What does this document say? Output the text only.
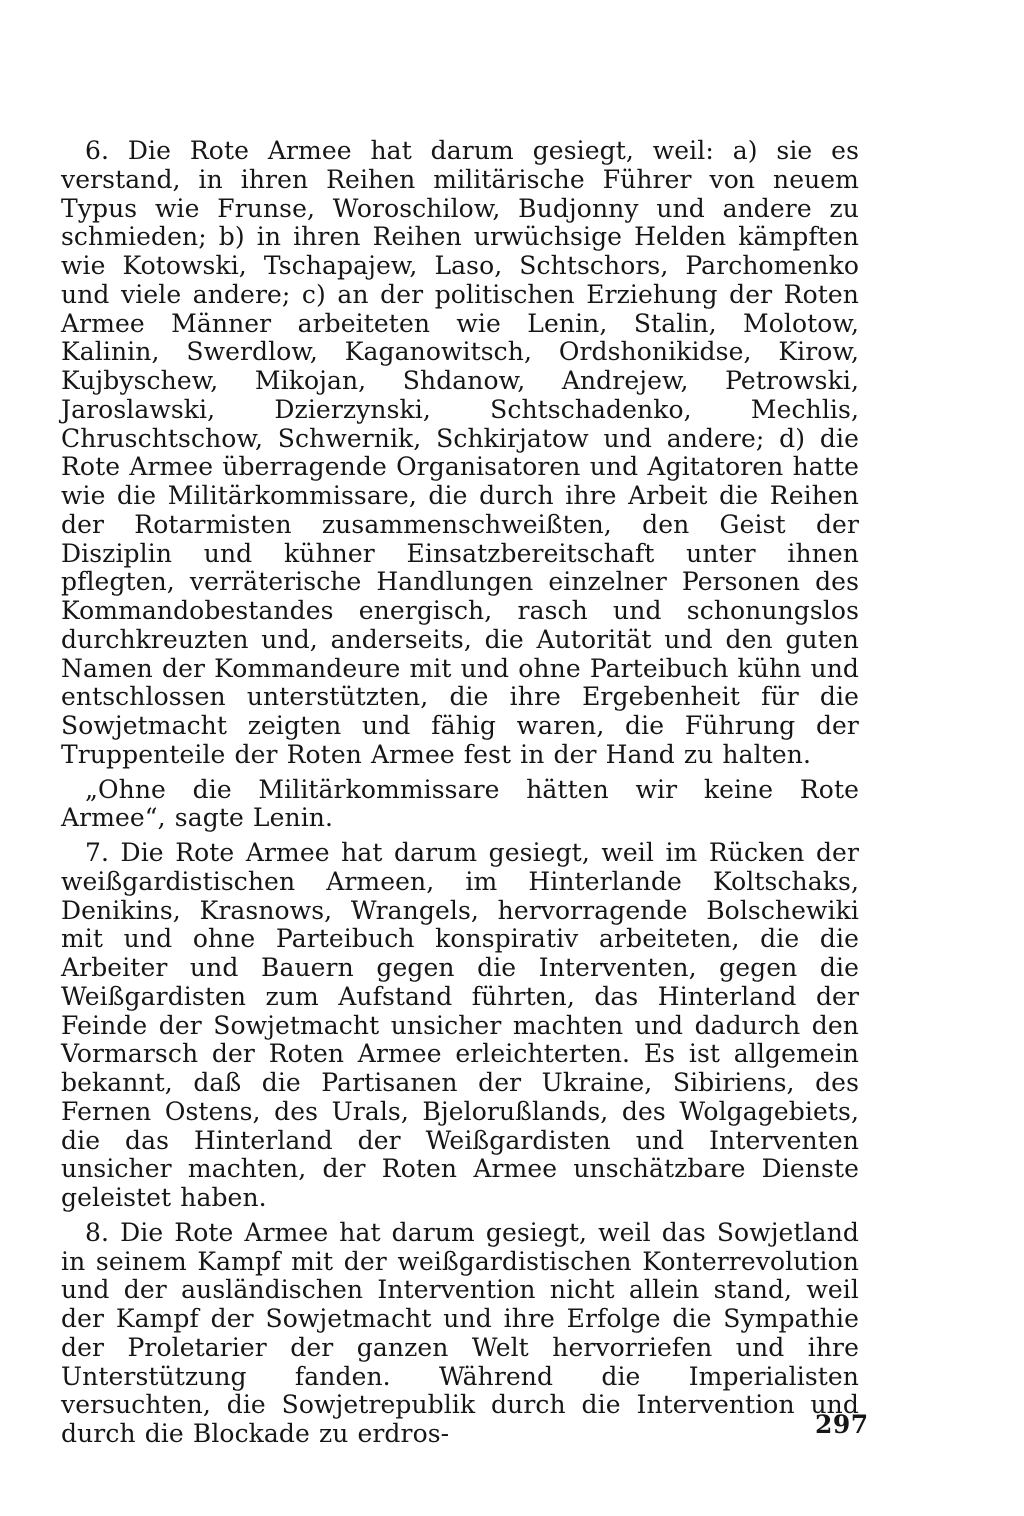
6. Die Rote Armee hat darum gesiegt, weil: a) sie es verstand, in ihren Reihen militärische Führer von neuem Typus wie Frunse, Woroschilow, Budjonny und andere zu schmieden; b) in ihren Reihen urwüchsige Helden kämpften wie Kotowski, Tschapajew, Laso, Schtschors, Parchomenko und viele andere; c) an der politischen Erziehung der Roten Armee Männer arbeiteten wie Lenin, Stalin, Molotow, Kalinin, Swerdlow, Kaganowitsch, Ordshonikidse, Kirow, Kujbyschew, Mikojan, Shdanow, Andrejew, Petrowski, Jaroslawski, Dzierzynski, Schtschadenko, Mechlis, Chruschtschow, Schwernik, Schkirjatow und andere; d) die Rote Armee überragende Organisatoren und Agitatoren hatte wie die Militärkommissare, die durch ihre Arbeit die Reihen der Rotarmisten zusammenschweißten, den Geist der Disziplin und kühner Einsatzbereitschaft unter ihnen pflegten, verräterische Handlungen einzelner Personen des Kommandobestandes energisch, rasch und schonungslos durchkreuzten und, anderseits, die Autorität und den guten Namen der Kommandeure mit und ohne Parteibuch kühn und entschlossen unterstützten, die ihre Ergebenheit für die Sowjetmacht zeigten und fähig waren, die Führung der Truppenteile der Roten Armee fest in der Hand zu halten.

„Ohne die Militärkommissare hätten wir keine Rote Armee“, sagte Lenin.

7. Die Rote Armee hat darum gesiegt, weil im Rücken der weißgardistischen Armeen, im Hinterlande Koltschaks, Denikins, Krasnows, Wrangels, hervorragende Bolschewiki mit und ohne Parteibuch konspirativ arbeiteten, die die Arbeiter und Bauern gegen die Interventen, gegen die Weißgardisten zum Aufstand führten, das Hinterland der Feinde der Sowjetmacht unsicher machten und dadurch den Vormarsch der Roten Armee erleichterten. Es ist allgemein bekannt, daß die Partisanen der Ukraine, Sibiriens, des Fernen Ostens, des Urals, Bjelorußlands, des Wolgagebiets, die das Hinterland der Weißgardisten und Interventen unsicher machten, der Roten Armee unschätzbare Dienste geleistet haben.

8. Die Rote Armee hat darum gesiegt, weil das Sowjetland in seinem Kampf mit der weißgardistischen Konterrevolution und der ausländischen Intervention nicht allein stand, weil der Kampf der Sowjetmacht und ihre Erfolge die Sympathie der Proletarier der ganzen Welt hervorriefen und ihre Unterstützung fanden. Während die Imperialisten versuchten, die Sowjetrepublik durch die Intervention und durch die Blockade zu erdros-	297
